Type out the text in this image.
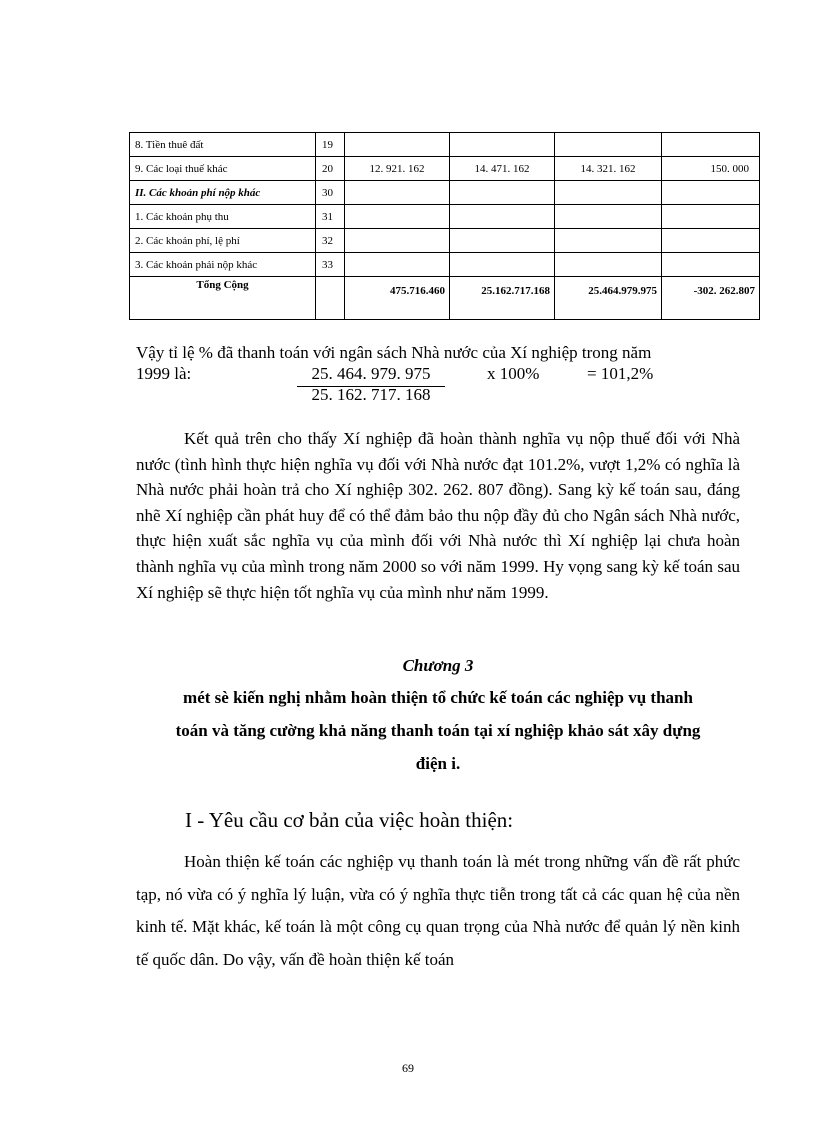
8. Tiền thuê đất	19				
9. Các loại thuế khác	20	12. 921. 162	14. 471. 162	14. 321. 162	150. 000
II. Các khoản phí nộp khác	30				
1. Các khoản phụ thu	31				
2. Các khoản phí, lệ phí	32				
3. Các khoản phải nộp khác	33				
Tổng Cộng		475.716.460	25.162.717.168	25.464.979.975	-302. 262.807
Vậy tỉ lệ % đã thanh toán với ngân sách Nhà nước của Xí nghiệp trong năm
1999 là:	25. 464. 979. 975
25. 162. 717. 168
x 100%	= 101,2%
Kết quả trên cho thấy Xí nghiệp đã hoàn thành nghĩa vụ nộp thuế đối với Nhà nước (tình hình thực hiện nghĩa vụ đối với Nhà nước đạt 101.2%, vượt 1,2% có nghĩa là Nhà nước phải hoàn trả cho Xí nghiệp 302. 262. 807 đồng). Sang kỳ kế toán sau, đáng nhẽ Xí nghiệp cần phát huy để có thể đảm bảo thu nộp đầy đủ cho Ngân sách Nhà nước, thực hiện xuất sắc nghĩa vụ của mình đối với Nhà nước thì Xí nghiệp lại chưa hoàn thành nghĩa vụ của mình trong năm 2000 so với năm 1999. Hy vọng sang kỳ kế toán sau Xí nghiệp sẽ thực hiện tốt nghĩa vụ của mình như năm 1999.
Chương 3
mét sè kiến nghị nhằm hoàn thiện tổ chức kế toán các nghiệp vụ thanh
toán và tăng cường khả năng thanh toán tại xí nghiệp khảo sát xây dựng
điện i.
I - Yêu cầu cơ bản của việc hoàn thiện:
Hoàn thiện kế toán các nghiệp vụ thanh toán là mét trong những vấn đề rất phức tạp, nó vừa có ý nghĩa lý luận, vừa có ý nghĩa thực tiễn trong tất cả các quan hệ của nền kinh tế. Mặt khác, kế toán là một công cụ quan trọng của Nhà nước để quản lý nền kinh tế quốc dân. Do vậy, vấn đề hoàn thiện kế toán
69
